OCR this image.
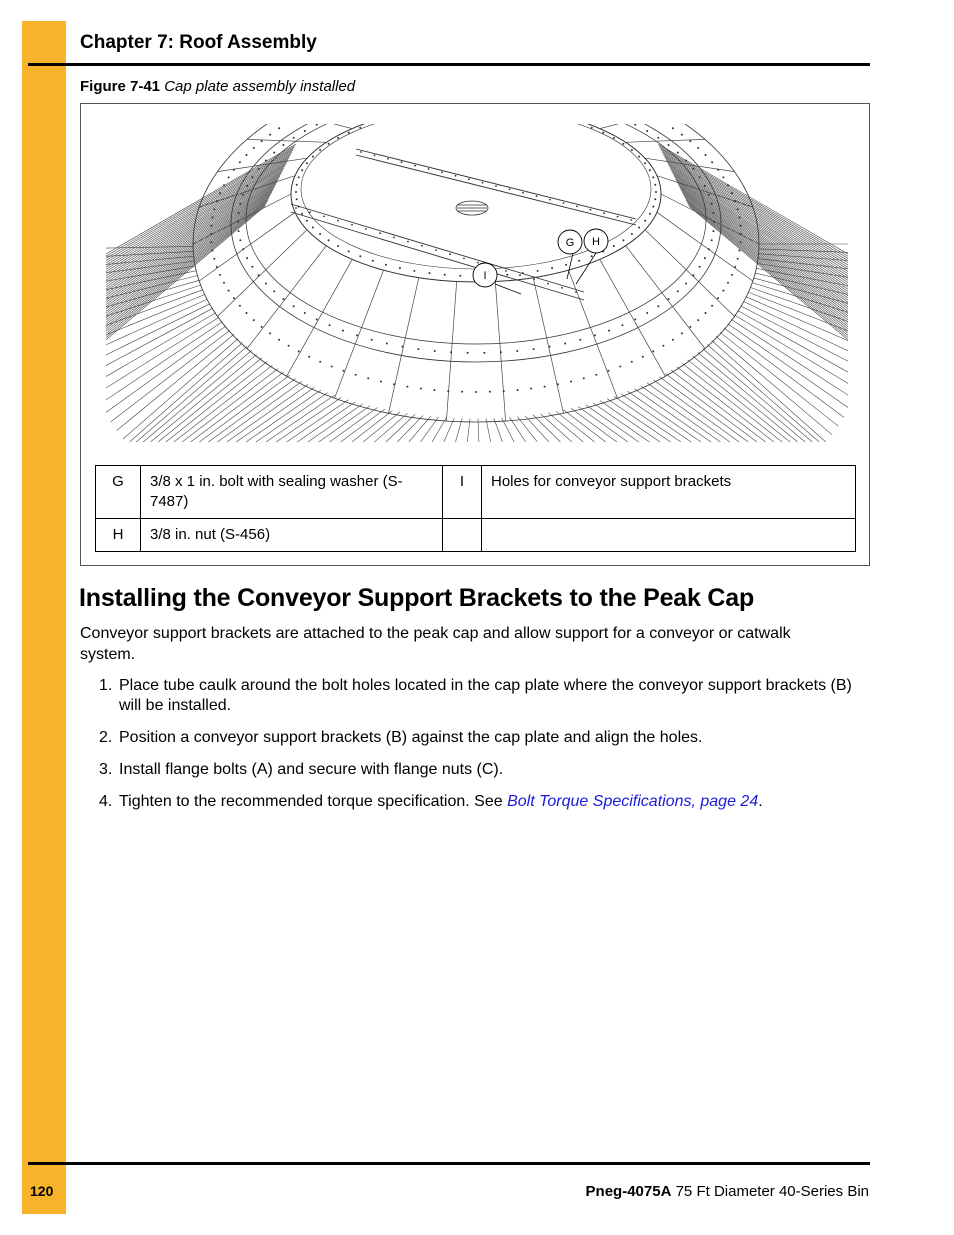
Chapter 7: Roof Assembly
Figure 7-41 Cap plate assembly installed
G H
I
G	3/8 x 1 in. bolt with sealing washer (S-7487)	I	Holes for conveyor support brackets
H	3/8 in. nut (S-456)		
Installing the Conveyor Support Brackets to the Peak Cap
Conveyor support brackets are attached to the peak cap and allow support for a conveyor or catwalk system.
1. Place tube caulk around the bolt holes located in the cap plate where the conveyor support brackets (B) will be installed.
2. Position a conveyor support brackets (B) against the cap plate and align the holes.
3. Install flange bolts (A) and secure with flange nuts (C).
4. Tighten to the recommended torque specification. See Bolt Torque Specifications, page 24.
120	Pneg-4075A 75 Ft Diameter 40-Series Bin
